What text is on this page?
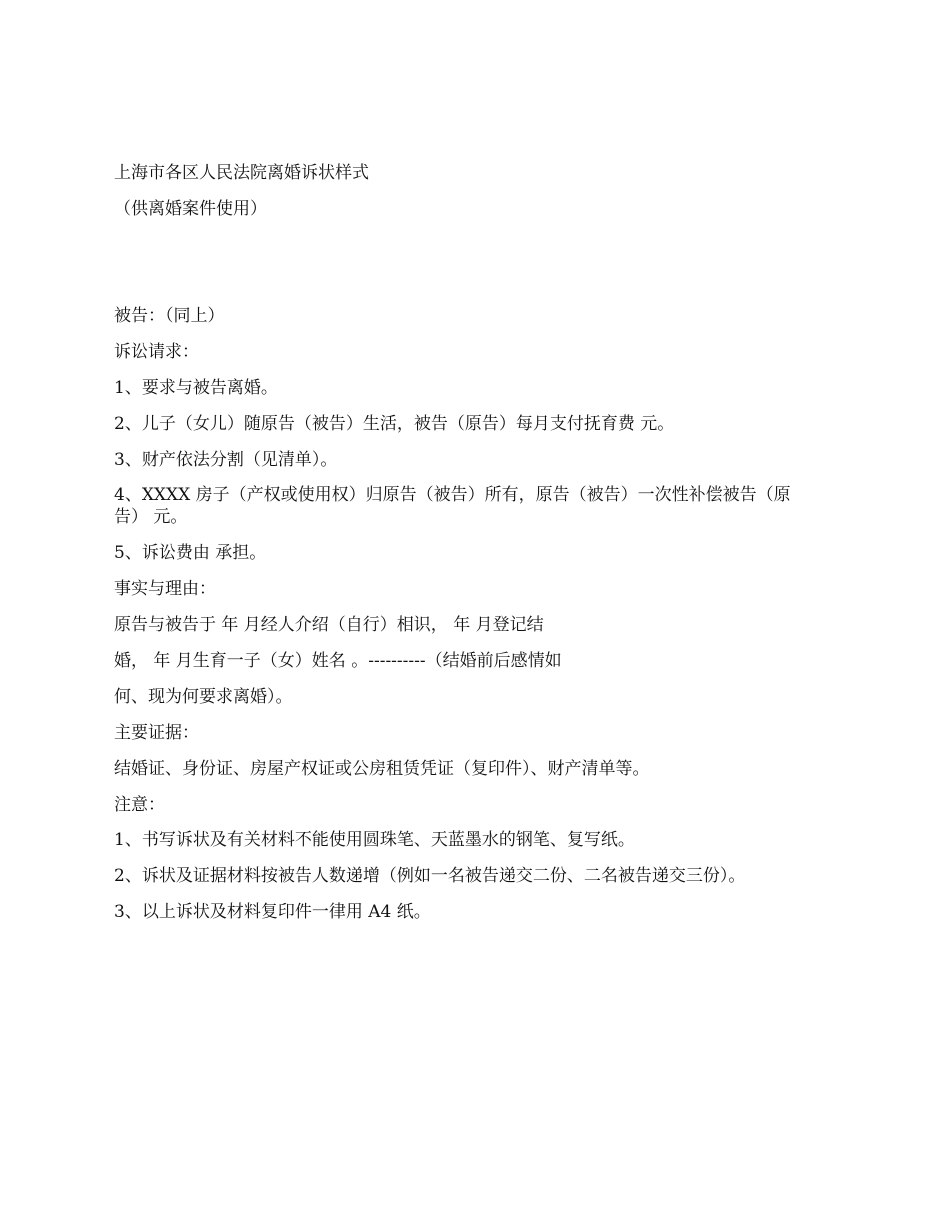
上海市各区人民法院离婚诉状样式
（供离婚案件使用）
被告：（同上）
诉讼请求：
1、要求与被告离婚。
2、儿子（女儿）随原告（被告）生活，被告（原告）每月支付抚育费 元。
3、财产依法分割（见清单）。
4、XXXX 房子（产权或使用权）归原告（被告）所有，原告（被告）一次性补偿被告（原告） 元。
5、诉讼费由 承担。
事实与理由：
原告与被告于 年 月经人介绍（自行）相识， 年 月登记结
婚， 年 月生育一子（女）姓名 。----------（结婚前后感情如
何、现为何要求离婚）。
主要证据：
结婚证、身份证、房屋产权证或公房租赁凭证（复印件）、财产清单等。
注意：
1、书写诉状及有关材料不能使用圆珠笔、天蓝墨水的钢笔、复写纸。
2、诉状及证据材料按被告人数递增（例如一名被告递交二份、二名被告递交三份）。
3、以上诉状及材料复印件一律用 A4 纸。
